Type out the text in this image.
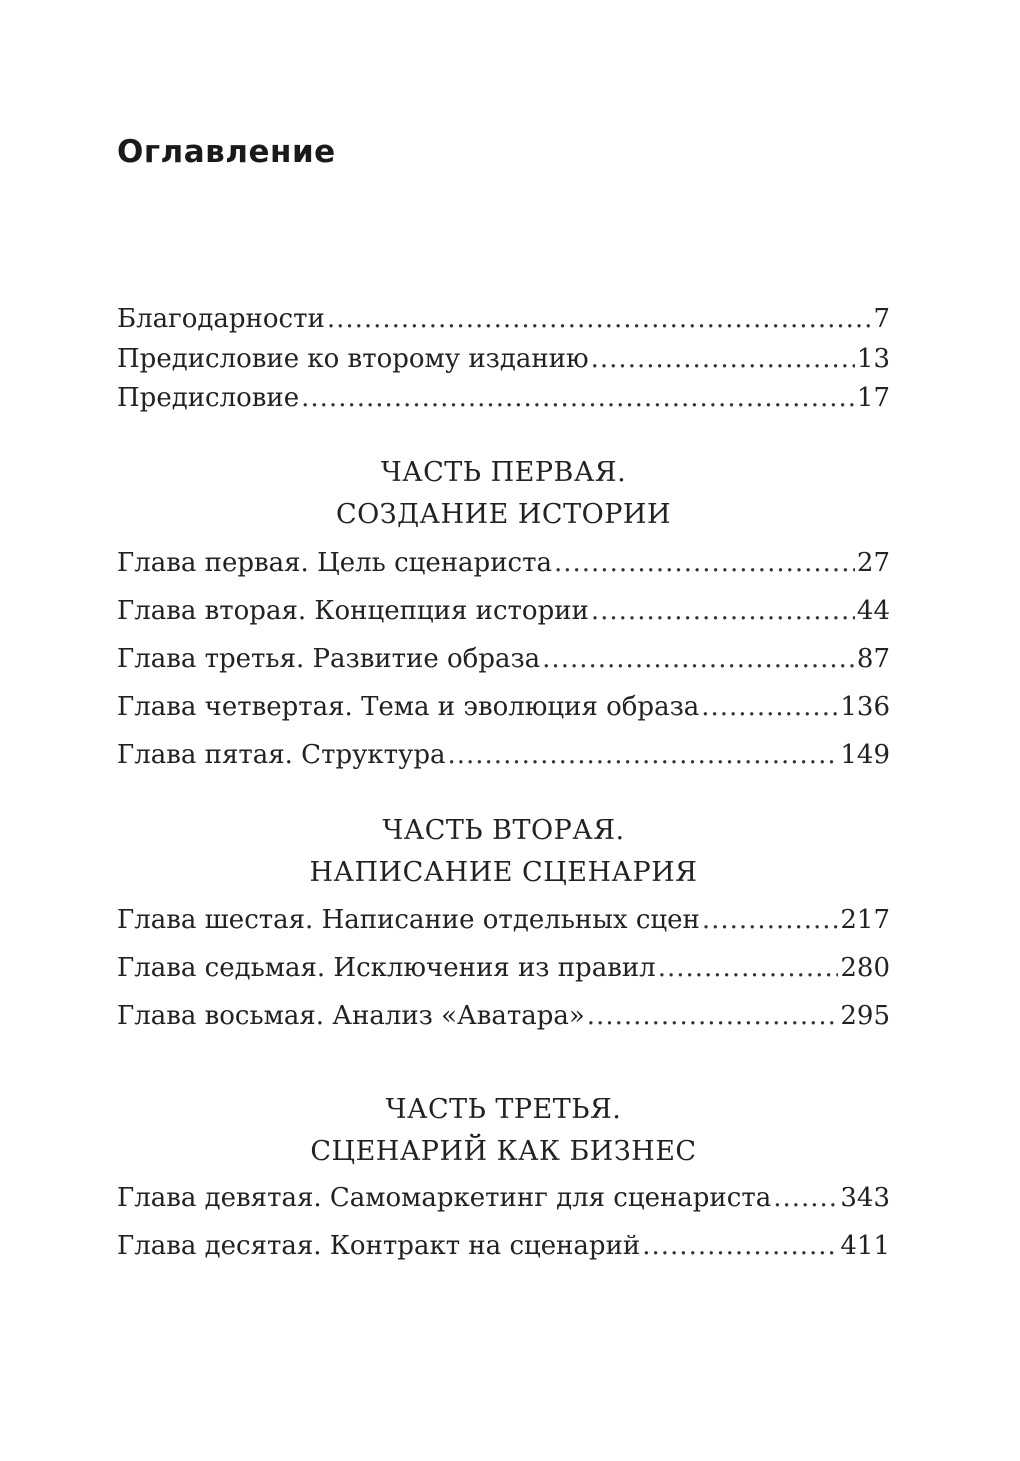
Оглавление
Благодарности .....	7
Предисловие ко второму изданию .....	13
Предисловие .....	17
ЧАСТЬ ПЕРВАЯ.
СОЗДАНИЕ ИСТОРИИ
Глава первая. Цель сценариста .....	27
Глава вторая. Концепция истории .....	44
Глава третья. Развитие образа .....	87
Глава четвертая. Тема и эволюция образа .....	136
Глава пятая. Структура .....	149
ЧАСТЬ ВТОРАЯ.
НАПИСАНИЕ СЦЕНАРИЯ
Глава шестая. Написание отдельных сцен .....	217
Глава седьмая. Исключения из правил .....	280
Глава восьмая. Анализ «Аватара» .....	295
ЧАСТЬ ТРЕТЬЯ.
СЦЕНАРИЙ КАК БИЗНЕС
Глава девятая. Самомаркетинг для сценариста .....	343
Глава десятая. Контракт на сценарий .....	411
